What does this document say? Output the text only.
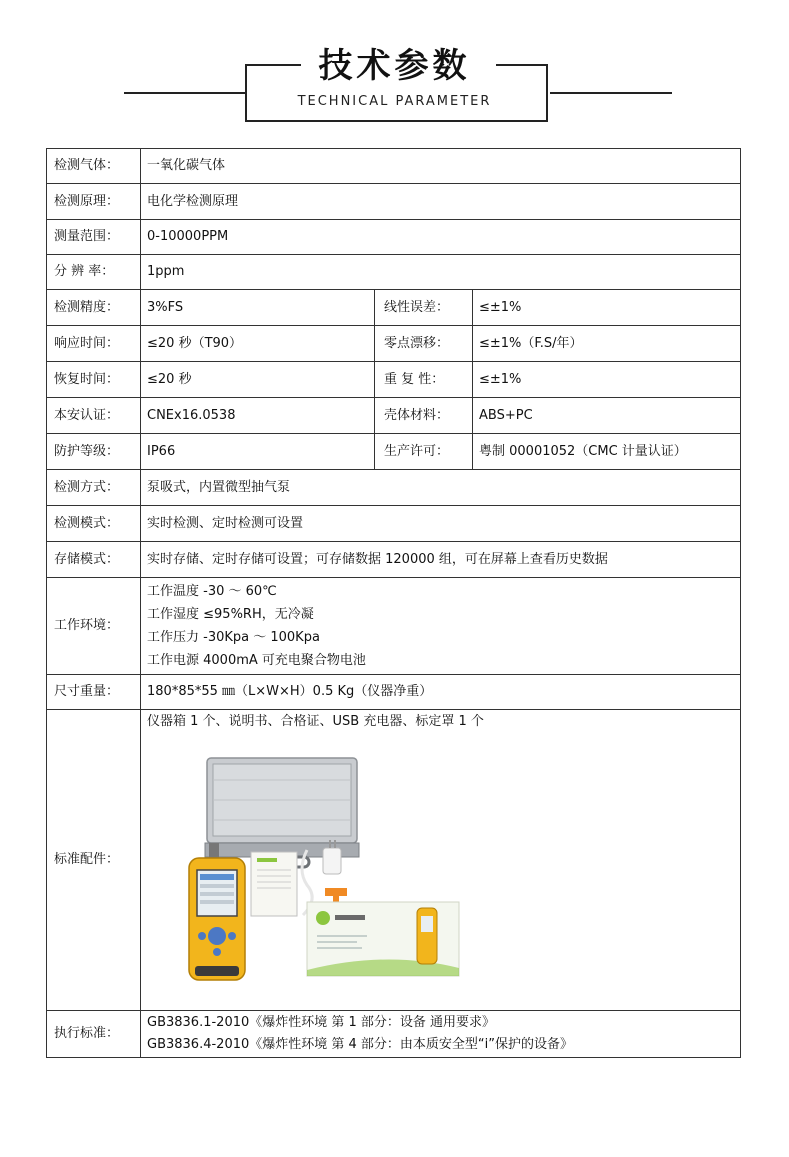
技术参数
TECHNICAL PARAMETER
检测气体：	一氧化碳气体		
检测原理：	电化学检测原理		
测量范围：	0-10000PPM		
分 辨 率：	1ppm		
检测精度：	3%FS	线性误差：	≤±1%
响应时间：	≤20 秒（T90）	零点漂移：	≤±1%（F.S/年）
恢复时间：	≤20 秒	重 复 性：	≤±1%
本安认证：	CNEx16.0538	壳体材料：	ABS+PC
防护等级：	IP66	生产许可：	粤制 00001052（CMC 计量认证）
检测方式：	泵吸式，内置微型抽气泵		
检测模式：	实时检测、定时检测可设置		
存储模式：	实时存储、定时存储可设置；可存储数据 120000 组，可在屏幕上查看历史数据		
工作环境：	工作温度 -30 ～ 60℃
工作湿度 ≤95%RH，无冷凝
工作压力 -30Kpa ～ 100Kpa
工作电源 4000mA 可充电聚合物电池		

尺寸重量：	180*85*55 ㎜（L×W×H）0.5 Kg（仪器净重）		
标准配件：	仪器箱 1 个、说明书、合格证、USB 充电器、标定罩 1 个		

执行标准：	GB3836.1-2010《爆炸性环境 第 1 部分：设备 通用要求》
GB3836.4-2010《爆炸性环境 第 4 部分：由本质安全型“i”保护的设备》		
